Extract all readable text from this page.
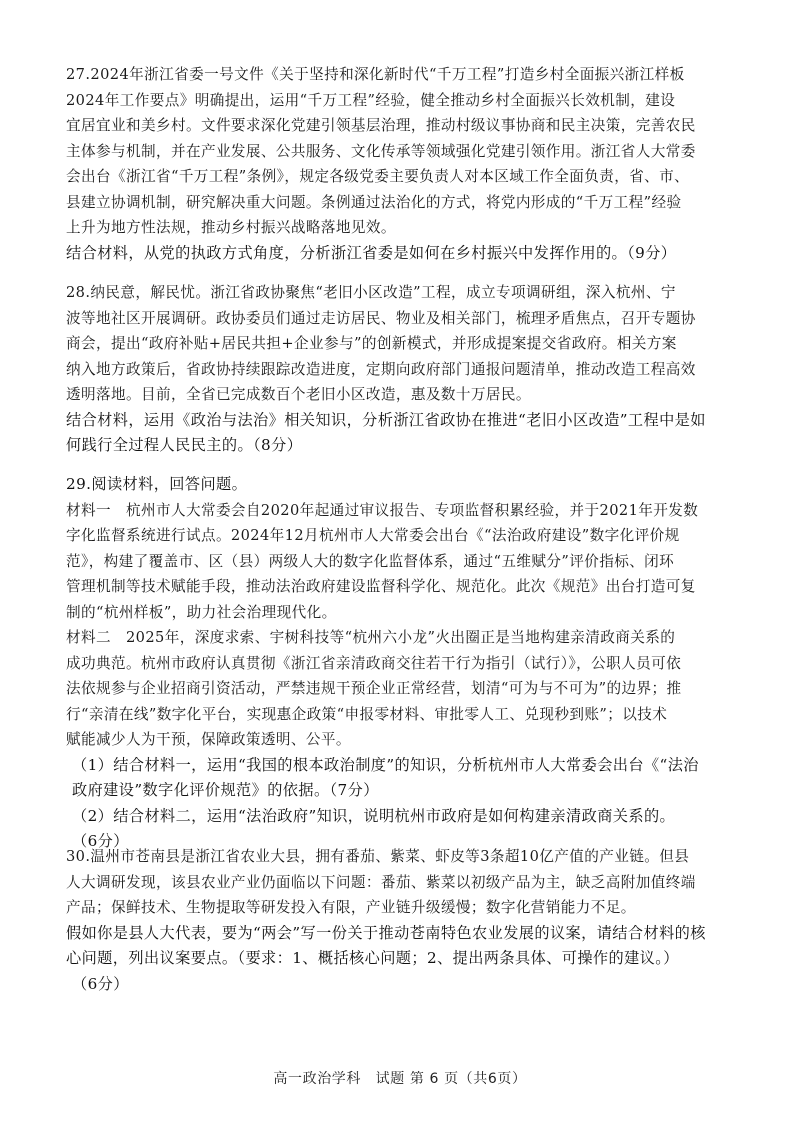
27.2024年浙江省委一号文件《关于坚持和深化新时代“千万工程”打造乡村全面振兴浙江样板

2024年工作要点》明确提出，运用“千万工程”经验，健全推动乡村全面振兴长效机制，建设

宜居宜业和美乡村。文件要求深化党建引领基层治理，推动村级议事协商和民主决策，完善农民

主体参与机制，并在产业发展、公共服务、文化传承等领域强化党建引领作用。浙江省人大常委

会出台《浙江省“千万工程”条例》，规定各级党委主要负责人对本区域工作全面负责，省、市、

县建立协调机制，研究解决重大问题。条例通过法治化的方式，将党内形成的“千万工程”经验

上升为地方性法规，推动乡村振兴战略落地见效。

结合材料，从党的执政方式角度，分析浙江省委是如何在乡村振兴中发挥作用的。（9分）

28.纳民意，解民忧。浙江省政协聚焦“老旧小区改造”工程，成立专项调研组，深入杭州、宁

波等地社区开展调研。政协委员们通过走访居民、物业及相关部门，梳理矛盾焦点，召开专题协

商会，提出“政府补贴+居民共担+企业参与”的创新模式，并形成提案提交省政府。相关方案

纳入地方政策后，省政协持续跟踪改造进度，定期向政府部门通报问题清单，推动改造工程高效

透明落地。目前，全省已完成数百个老旧小区改造，惠及数十万居民。

结合材料，运用《政治与法治》相关知识，分析浙江省政协在推进“老旧小区改造”工程中是如

何践行全过程人民民主的。（8分）

29.阅读材料，回答问题。

材料一　杭州市人大常委会自2020年起通过审议报告、专项监督积累经验，并于2021年开发数

字化监督系统进行试点。2024年12月杭州市人大常委会出台《“法治政府建设”数字化评价规

范》，构建了覆盖市、区（县）两级人大的数字化监督体系，通过“五维赋分”评价指标、闭环

管理机制等技术赋能手段，推动法治政府建设监督科学化、规范化。此次《规范》出台打造可复

制的“杭州样板”，助力社会治理现代化。

材料二　2025年，深度求索、宇树科技等“杭州六小龙”火出圈正是当地构建亲清政商关系的

成功典范。杭州市政府认真贯彻《浙江省亲清政商交往若干行为指引（试行）》，公职人员可依

法依规参与企业招商引资活动，严禁违规干预企业正常经营，划清“可为与不可为”的边界；推

行“亲清在线”数字化平台，实现惠企政策“申报零材料、审批零人工、兑现秒到账”；以技术

赋能减少人为干预，保障政策透明、公平。

（1）结合材料一，运用“我国的根本政治制度”的知识，分析杭州市人大常委会出台《“法治

政府建设”数字化评价规范》的依据。（7分）

（2）结合材料二，运用“法治政府”知识，说明杭州市政府是如何构建亲清政商关系的。

（6分）

30.温州市苍南县是浙江省农业大县，拥有番茄、紫菜、虾皮等3条超10亿产值的产业链。但县

人大调研发现，该县农业产业仍面临以下问题：番茄、紫菜以初级产品为主，缺乏高附加值终端

产品；保鲜技术、生物提取等研发投入有限，产业链升级缓慢；数字化营销能力不足。

假如你是县人大代表，要为“两会”写一份关于推动苍南特色农业发展的议案，请结合材料的核

心问题，列出议案要点。（要求：1、概括核心问题；2、提出两条具体、可操作的建议。）

（6分）

高一政治学科　试题 第 6 页（共6页）
